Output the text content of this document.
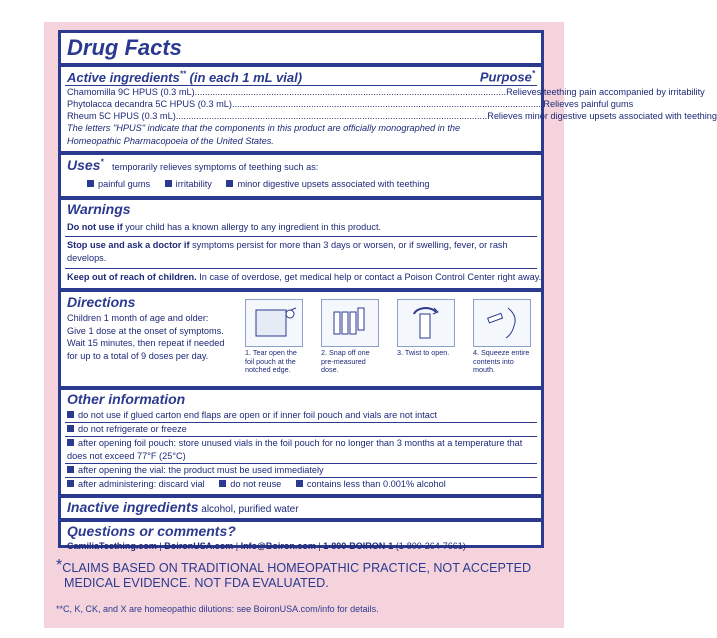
Drug Facts
Active ingredients** (in each 1 mL vial)	Purpose*
Chamomilla 9C HPUS (0.3 mL) .......................................................................................................................... Relieves teething pain accompanied by irritability
Phytolacca decandra 5C HPUS (0.3 mL) .......................................................................................................................... Relieves painful gums
Rheum 5C HPUS (0.3 mL) .......................................................................................................................... Relieves minor digestive upsets associated with teething
The letters "HPUS" indicate that the components in this product are officially monographed in the
Homeopathic Pharmacopoeia of the United States.
Uses* temporarily relieves symptoms of teething such as:
painful gums	irritability	minor digestive upsets associated with teething
Warnings
Do not use if your child has a known allergy to any ingredient in this product.
Stop use and ask a doctor if symptoms persist for more than 3 days or worsen, or if swelling, fever, or rash
develops.
Keep out of reach of children. In case of overdose, get medical help or contact a Poison Control Center right away.
Directions
Children 1 month of age and older:
Give 1 dose at the onset of symptoms.
Wait 15 minutes, then repeat if needed
for up to a total of 9 doses per day.	1. Tear open the foil pouch at the notched edge.
2. Snap off one pre-measured dose.
3. Twist to open.	4. Squeeze entire contents into mouth.
Other information
do not use if glued carton end flaps are open or if inner foil pouch and vials are not intact
do not refrigerate or freeze
after opening foil pouch: store unused vials in the foil pouch for no longer than 3 months at a temperature that
does not exceed 77°F (25°C)
after opening the vial: the product must be used immediately
after administering: discard vial	do not reuse	contains less than 0.001% alcohol
Inactive ingredients alcohol, purified water
Questions or comments?
CamiliaTeething.com | BoironUSA.com | Info@Boiron.com | 1-800-BOIRON-1 (1-800-264-7661)
*CLAIMS BASED ON TRADITIONAL HOMEOPATHIC PRACTICE, NOT ACCEPTED
MEDICAL EVIDENCE. NOT FDA EVALUATED.
**C, K, CK, and X are homeopathic dilutions: see BoironUSA.com/info for details.
